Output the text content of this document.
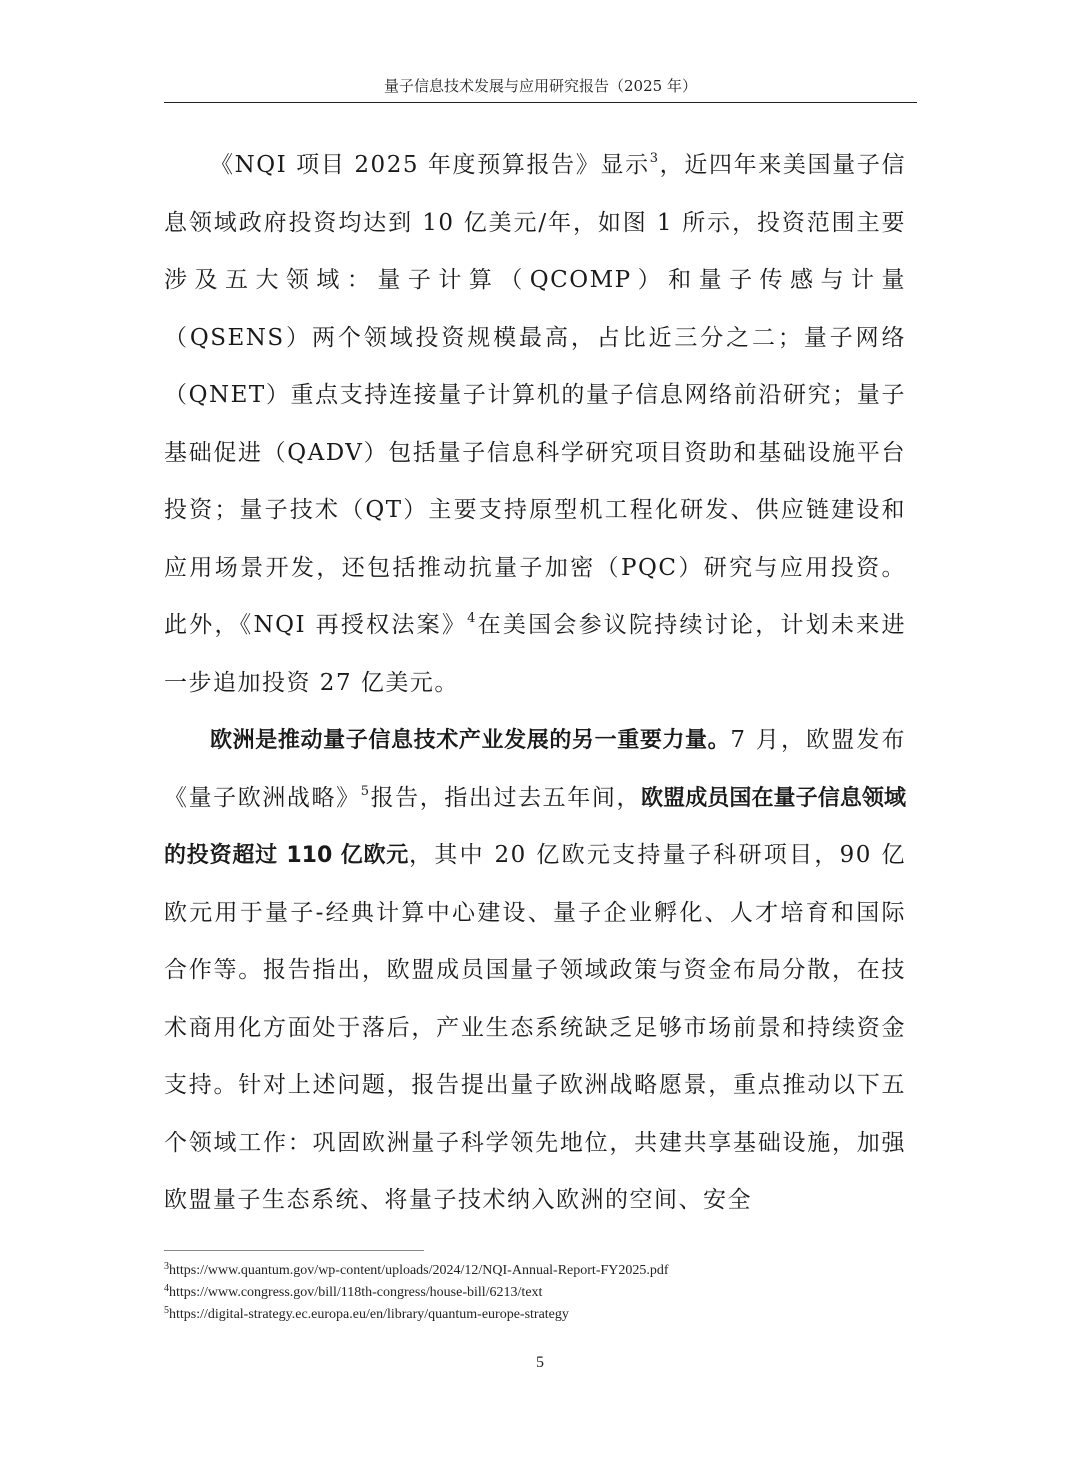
量子信息技术发展与应用研究报告（2025 年）

《NQI 项目 2025 年度预算报告》显示$^3$，近四年来美国量子信息领域政府投资均达到 10 亿美元/年，如图 1 所示，投资范围主要涉及五大领域：量子计算（QCOMP）和量子传感与计量（QSENS）两个领域投资规模最高，占比近三分之二；量子网络（QNET）重点支持连接量子计算机的量子信息网络前沿研究；量子基础促进（QADV）包括量子信息科学研究项目资助和基础设施平台投资；量子技术（QT）主要支持原型机工程化研发、供应链建设和应用场景开发，还包括推动抗量子加密（PQC）研究与应用投资。此外，《NQI 再授权法案》$^4$在美国会参议院持续讨论，计划未来进一步追加投资 27 亿美元。

欧洲是推动量子信息技术产业发展的另一重要力量。7 月，欧盟发布《量子欧洲战略》$^5$报告，指出过去五年间，欧盟成员国在量子信息领域的投资超过 110 亿欧元，其中 20 亿欧元支持量子科研项目，90 亿欧元用于量子-经典计算中心建设、量子企业孵化、人才培育和国际合作等。报告指出，欧盟成员国量子领域政策与资金布局分散，在技术商用化方面处于落后，产业生态系统缺乏足够市场前景和持续资金支持。针对上述问题，报告提出量子欧洲战略愿景，重点推动以下五个领域工作：巩固欧洲量子科学领先地位，共建共享基础设施，加强欧盟量子生态系统、将量子技术纳入欧洲的空间、安全

$^3$https://www.quantum.gov/wp-content/uploads/2024/12/NQI-Annual-Report-FY2025.pdf
$^4$https://www.congress.gov/bill/118th-congress/house-bill/6213/text
$^5$https://digital-strategy.ec.europa.eu/en/library/quantum-europe-strategy
5
